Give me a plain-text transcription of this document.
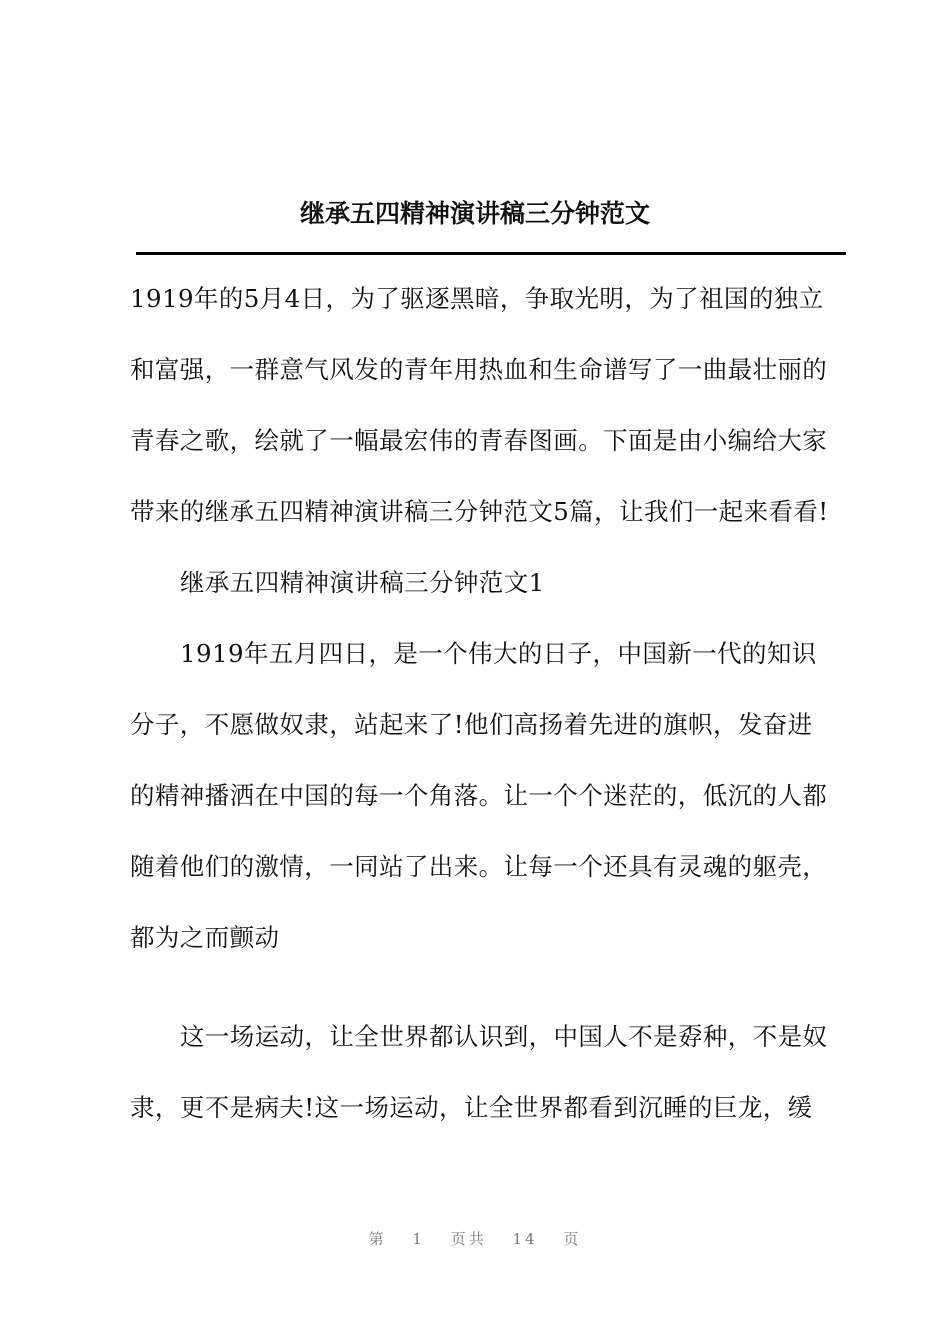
继承五四精神演讲稿三分钟范文
1919年的5月4日，为了驱逐黑暗，争取光明，为了祖国的独立
和富强，一群意气风发的青年用热血和生命谱写了一曲最壮丽的
青春之歌，绘就了一幅最宏伟的青春图画。下面是由小编给大家
带来的继承五四精神演讲稿三分钟范文5篇，让我们一起来看看!
继承五四精神演讲稿三分钟范文1
1919年五月四日，是一个伟大的日子，中国新一代的知识
分子，不愿做奴隶，站起来了!他们高扬着先进的旗帜，发奋进
的精神播洒在中国的每一个角落。让一个个迷茫的，低沉的人都
随着他们的激情，一同站了出来。让每一个还具有灵魂的躯壳，
都为之而颤动
这一场运动，让全世界都认识到，中国人不是孬种，不是奴
隶，更不是病夫!这一场运动，让全世界都看到沉睡的巨龙，缓
第 1 页共 14 页
